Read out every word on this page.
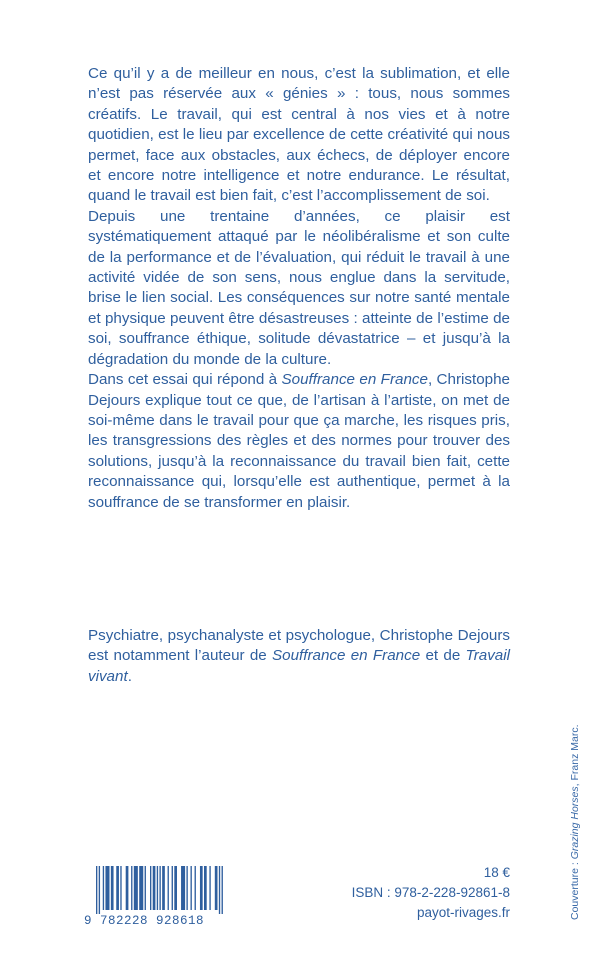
Ce qu’il y a de meilleur en nous, c’est la sublimation, et elle n’est pas réservée aux « génies » : tous, nous sommes créatifs. Le travail, qui est central à nos vies et à notre quotidien, est le lieu par excellence de cette créativité qui nous permet, face aux obstacles, aux échecs, de déployer encore et encore notre intelligence et notre endurance. Le résultat, quand le travail est bien fait, c’est l’accomplissement de soi.

Depuis une trentaine d’années, ce plaisir est systématiquement attaqué par le néolibéralisme et son culte de la performance et de l’évaluation, qui réduit le travail à une activité vidée de son sens, nous englue dans la servitude, brise le lien social. Les conséquences sur notre santé mentale et physique peuvent être désastreuses : atteinte de l’estime de soi, souffrance éthique, solitude dévastatrice – et jusqu’à la dégradation du monde de la culture.

Dans cet essai qui répond à Souffrance en France, Christophe Dejours explique tout ce que, de l’artisan à l’artiste, on met de soi-même dans le travail pour que ça marche, les risques pris, les transgressions des règles et des normes pour trouver des solutions, jusqu’à la reconnaissance du travail bien fait, cette reconnaissance qui, lorsqu’elle est authentique, permet à la souffrance de se transformer en plaisir.

Psychiatre, psychanalyste et psychologue, Christophe Dejours est notamment l’auteur de Souffrance en France et de Travail vivant.

9 782228 928618
18 €
ISBN : 978-2-228-92861-8
payot-rivages.fr	Couverture : Grazing Horses, Franz Marc.
